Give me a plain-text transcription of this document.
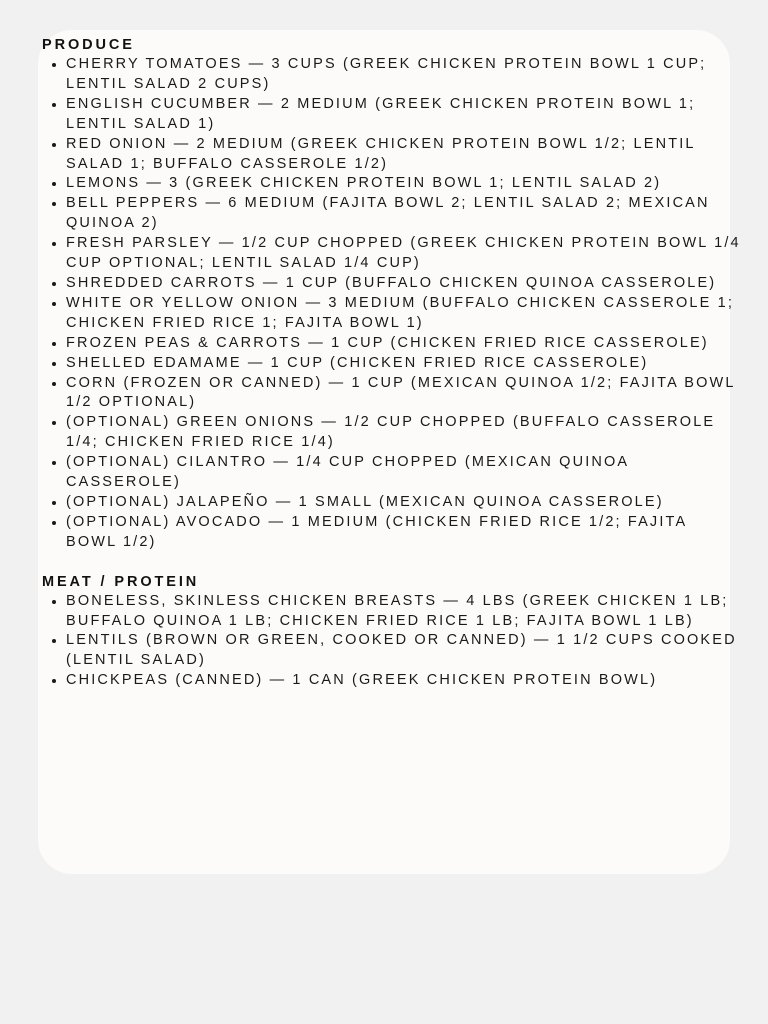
PRODUCE
CHERRY TOMATOES — 3 CUPS (GREEK CHICKEN PROTEIN BOWL 1 CUP; LENTIL SALAD 2 CUPS)
ENGLISH CUCUMBER — 2 MEDIUM (GREEK CHICKEN PROTEIN BOWL 1; LENTIL SALAD 1)
RED ONION — 2 MEDIUM (GREEK CHICKEN PROTEIN BOWL 1/2; LENTIL SALAD 1; BUFFALO CASSEROLE 1/2)
LEMONS — 3 (GREEK CHICKEN PROTEIN BOWL 1; LENTIL SALAD 2)
BELL PEPPERS — 6 MEDIUM (FAJITA BOWL 2; LENTIL SALAD 2; MEXICAN QUINOA 2)
FRESH PARSLEY — 1/2 CUP CHOPPED (GREEK CHICKEN PROTEIN BOWL 1/4 CUP OPTIONAL; LENTIL SALAD 1/4 CUP)
SHREDDED CARROTS — 1 CUP (BUFFALO CHICKEN QUINOA CASSEROLE)
WHITE OR YELLOW ONION — 3 MEDIUM (BUFFALO CHICKEN CASSEROLE 1; CHICKEN FRIED RICE 1; FAJITA BOWL 1)
FROZEN PEAS & CARROTS — 1 CUP (CHICKEN FRIED RICE CASSEROLE)
SHELLED EDAMAME — 1 CUP (CHICKEN FRIED RICE CASSEROLE)
CORN (FROZEN OR CANNED) — 1 CUP (MEXICAN QUINOA 1/2; FAJITA BOWL 1/2 OPTIONAL)
(OPTIONAL) GREEN ONIONS — 1/2 CUP CHOPPED (BUFFALO CASSEROLE 1/4; CHICKEN FRIED RICE 1/4)
(OPTIONAL) CILANTRO — 1/4 CUP CHOPPED (MEXICAN QUINOA CASSEROLE)
(OPTIONAL) JALAPEÑO — 1 SMALL (MEXICAN QUINOA CASSEROLE)
(OPTIONAL) AVOCADO — 1 MEDIUM (CHICKEN FRIED RICE 1/2; FAJITA BOWL 1/2)
MEAT / PROTEIN
BONELESS, SKINLESS CHICKEN BREASTS — 4 LBS (GREEK CHICKEN 1 LB; BUFFALO QUINOA 1 LB; CHICKEN FRIED RICE 1 LB; FAJITA BOWL 1 LB)
LENTILS (BROWN OR GREEN, COOKED OR CANNED) — 1 1/2 CUPS COOKED (LENTIL SALAD)
CHICKPEAS (CANNED) — 1 CAN (GREEK CHICKEN PROTEIN BOWL)
